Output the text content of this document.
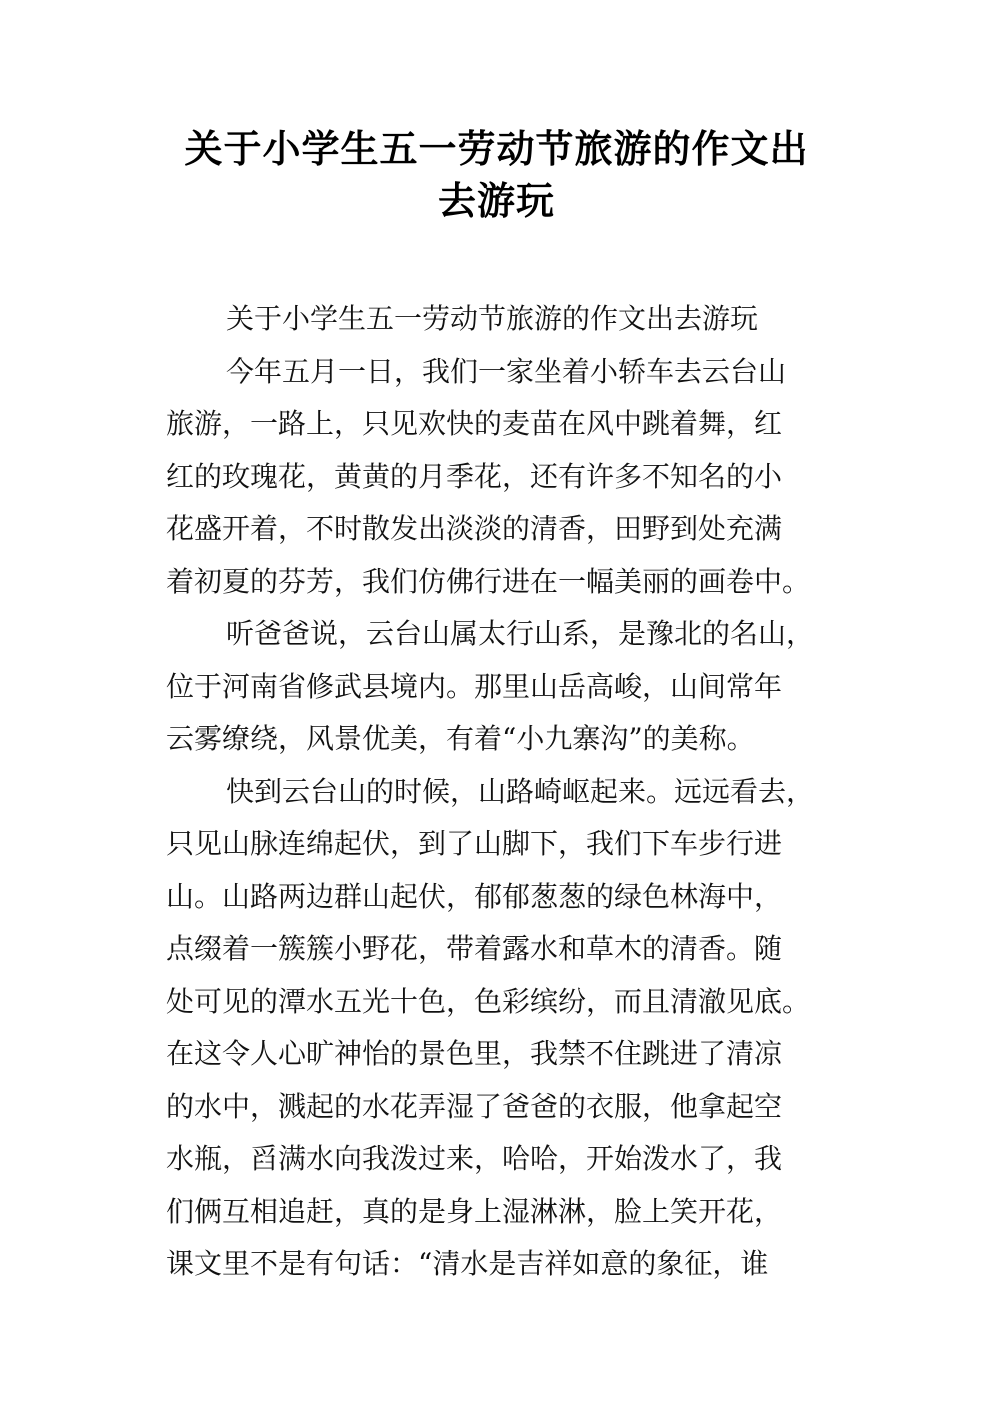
关于小学生五一劳动节旅游的作文出
去游玩
关于小学生五一劳动节旅游的作文出去游玩
今年五月一日，我们一家坐着小轿车去云台山
旅游，一路上，只见欢快的麦苗在风中跳着舞，红
红的玫瑰花，黄黄的月季花，还有许多不知名的小
花盛开着，不时散发出淡淡的清香，田野到处充满
着初夏的芬芳，我们仿佛行进在一幅美丽的画卷中。
听爸爸说，云台山属太行山系，是豫北的名山，
位于河南省修武县境内。那里山岳高峻，山间常年
云雾缭绕，风景优美，有着“小九寨沟”的美称。
快到云台山的时候，山路崎岖起来。远远看去，
只见山脉连绵起伏，到了山脚下，我们下车步行进
山。山路两边群山起伏，郁郁葱葱的绿色林海中，
点缀着一簇簇小野花，带着露水和草木的清香。随
处可见的潭水五光十色，色彩缤纷，而且清澈见底。
在这令人心旷神怡的景色里，我禁不住跳进了清凉
的水中，溅起的水花弄湿了爸爸的衣服，他拿起空
水瓶，舀满水向我泼过来，哈哈，开始泼水了，我
们俩互相追赶，真的是身上湿淋淋，脸上笑开花，
课文里不是有句话：“清水是吉祥如意的象征，谁
